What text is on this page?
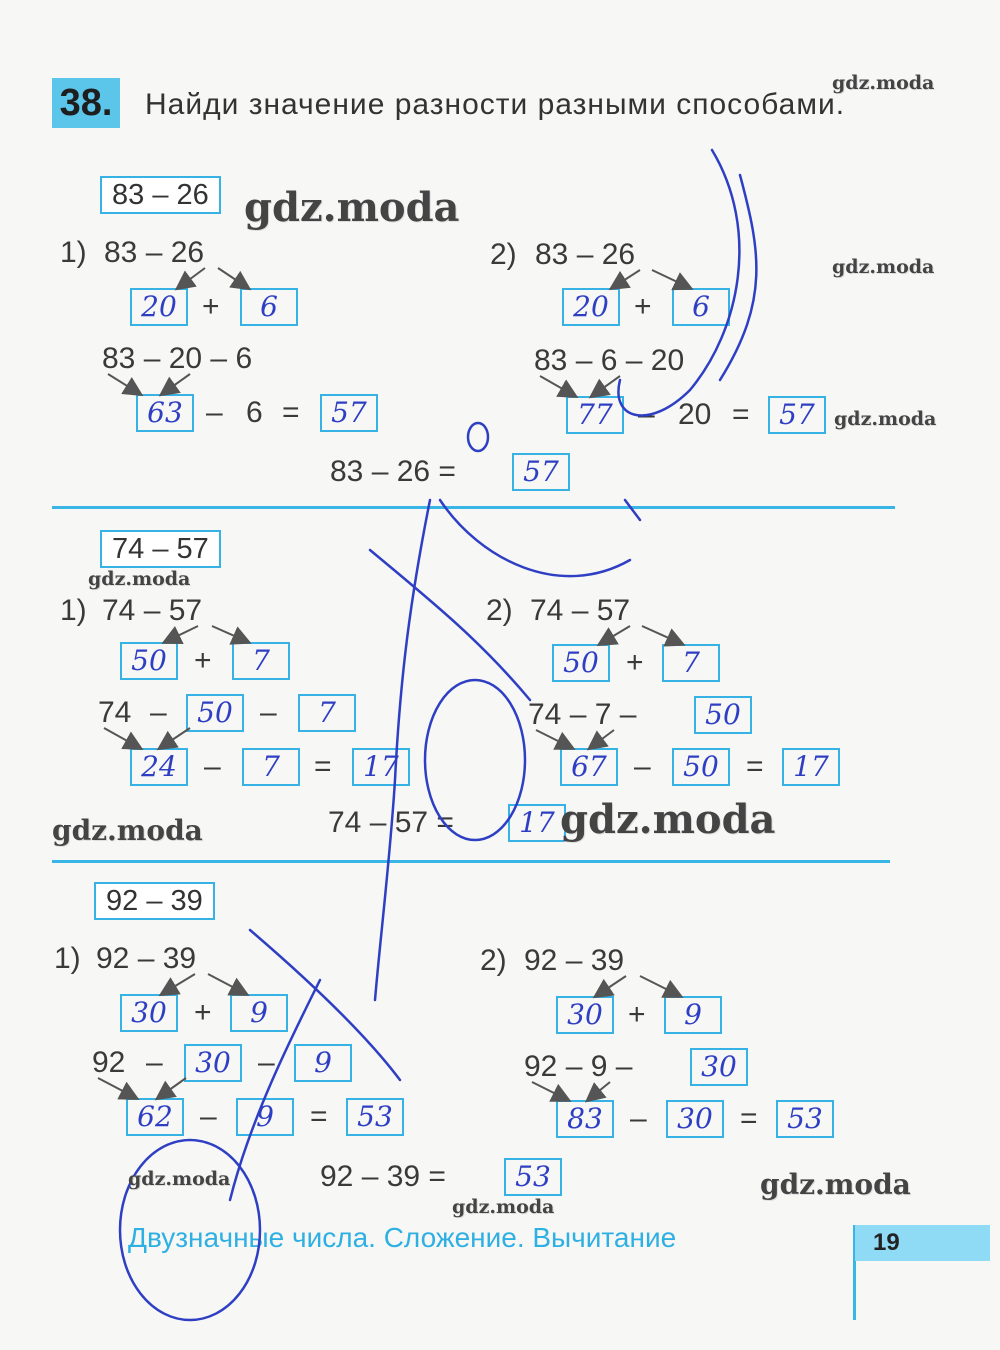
38. Найди значение разности разными способами.
83 – 26
1) 83 – 26
20 +	6
83 – 20 – 6
63 – 6 =	57
2) 83 – 26
20 +	6
83 – 6 – 20
77 – 20 =	57
83 – 26 =	57
74 – 57
1) 74 – 57
50 +	7
74 –	50 –	7
24 –	7	=	17
2) 74 – 57
50 +	7
74 – 7 –	50
67 –	50 =	17
74 – 57 =	17
92 – 39
1) 92 – 39
30 +	9
92 –	30 –	9
62 –	9	=	53
2) 92 – 39
30 +	9
92 – 9 –	30
83 –	30 =	53
92 – 39 =	53
Двузначные числа. Сложение. Вычитание	19
gdz.moda
gdz.moda
gdz.moda
gdz.moda
gdz.moda
gdz.moda	gdz.moda
gdz.moda
gdz.moda
gdz.moda
